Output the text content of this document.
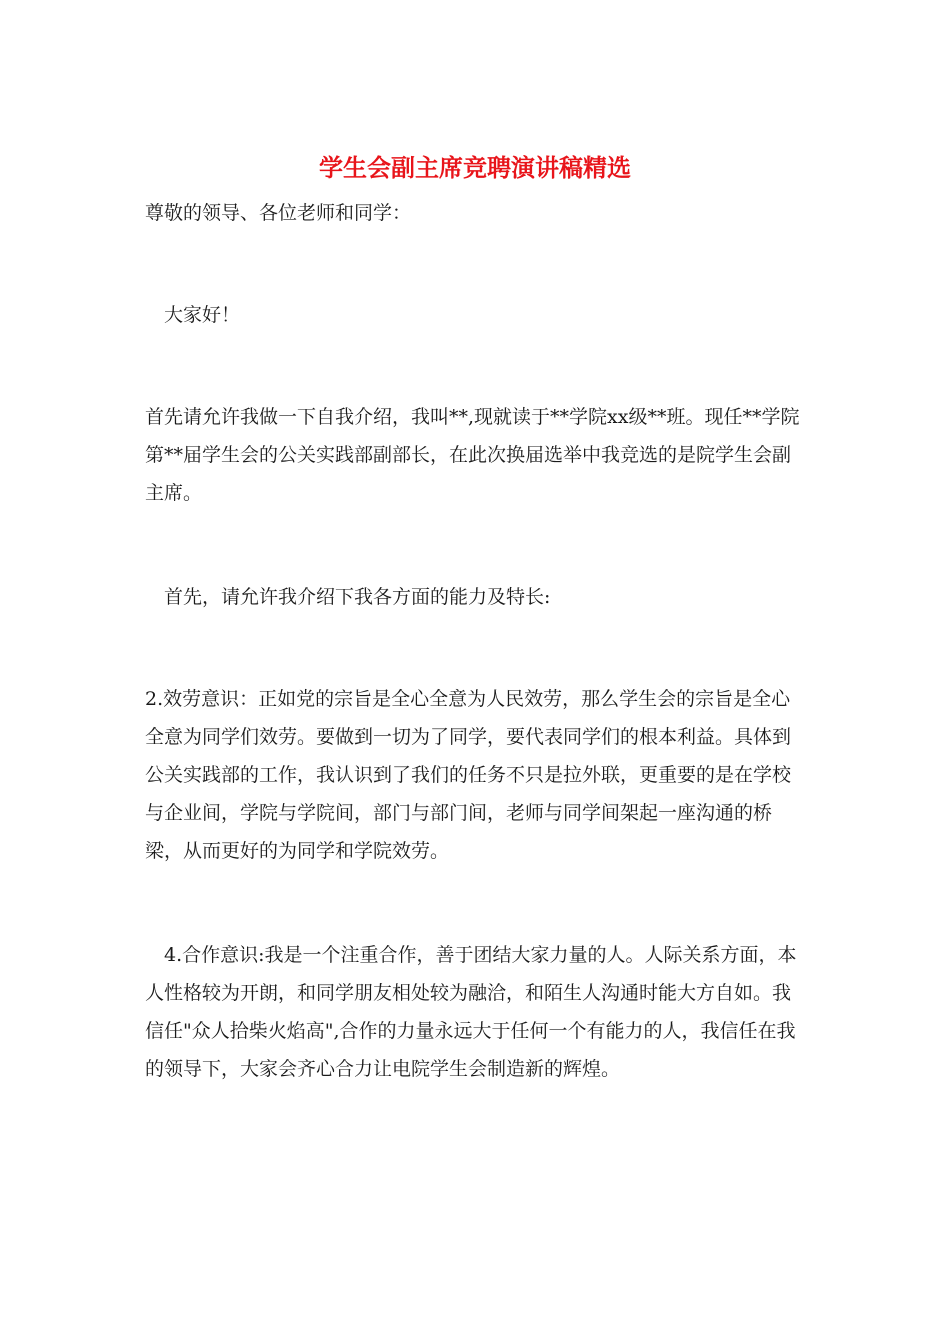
学生会副主席竞聘演讲稿精选

尊敬的领导、各位老师和同学：

大家好！

首先请允许我做一下自我介绍，我叫**,现就读于**学院xx级**班。现任**学院第**届学生会的公关实践部副部长，在此次换届选举中我竞选的是院学生会副主席。

首先，请允许我介绍下我各方面的能力及特长:

2.效劳意识：正如党的宗旨是全心全意为人民效劳，那么学生会的宗旨是全心全意为同学们效劳。要做到一切为了同学，要代表同学们的根本利益。具体到公关实践部的工作，我认识到了我们的任务不只是拉外联，更重要的是在学校与企业间，学院与学院间，部门与部门间，老师与同学间架起一座沟通的桥梁，从而更好的为同学和学院效劳。

4.合作意识:我是一个注重合作，善于团结大家力量的人。人际关系方面，本人性格较为开朗，和同学朋友相处较为融洽，和陌生人沟通时能大方自如。我信任"众人拾柴火焰高",合作的力量永远大于任何一个有能力的人，我信任在我的领导下，大家会齐心合力让电院学生会制造新的辉煌。
